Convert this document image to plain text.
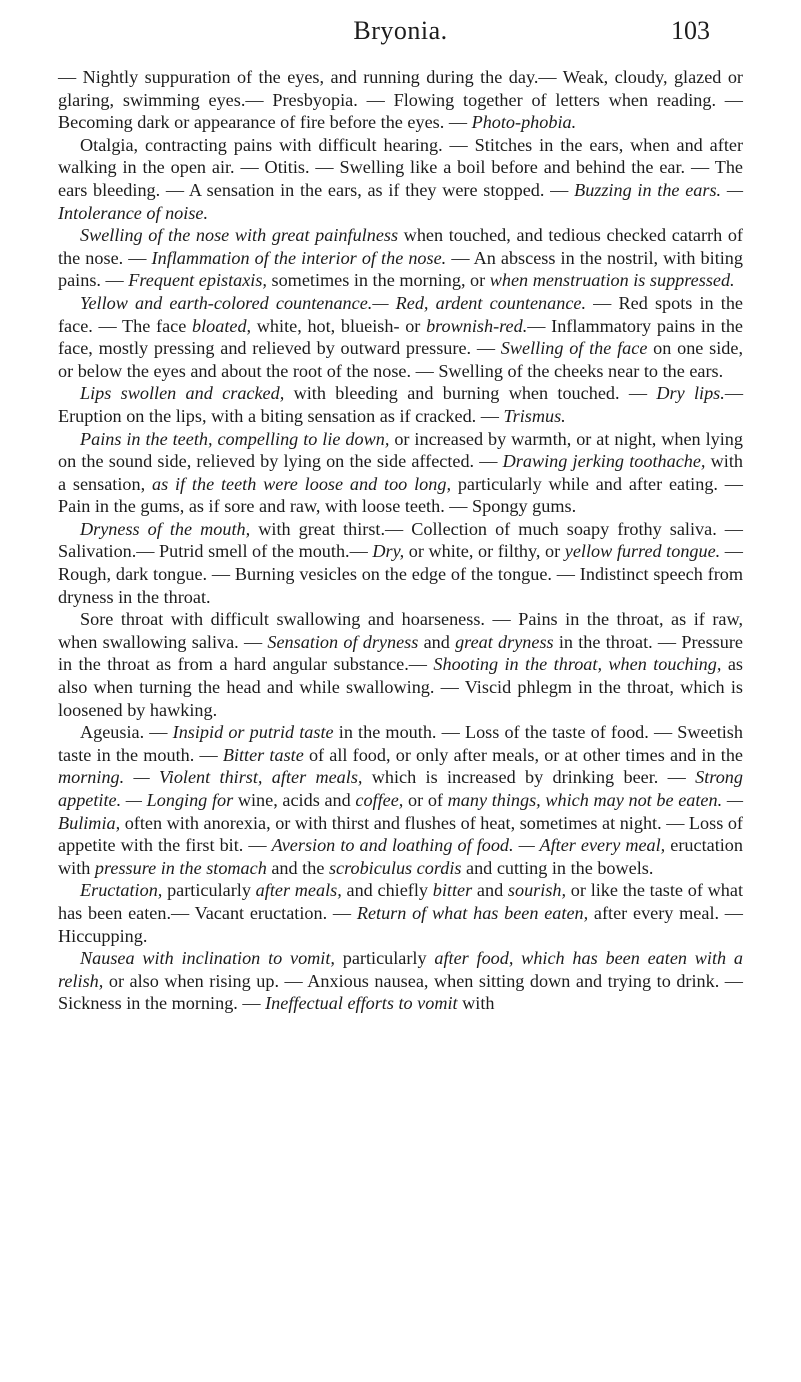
Bryonia.	103

— Nightly suppuration of the eyes, and running during the day.— Weak, cloudy, glazed or glaring, swimming eyes.— Presbyopia. — Flowing together of letters when reading. — Becoming dark or appearance of fire before the eyes. — Photo-phobia.

Otalgia, contracting pains with difficult hearing. — Stitches in the ears, when and after walking in the open air. — Otitis. — Swelling like a boil before and behind the ear. — The ears bleeding. — A sensation in the ears, as if they were stopped. — Buzzing in the ears. — Intolerance of noise.

Swelling of the nose with great painfulness when touched, and tedious checked catarrh of the nose. — Inflammation of the interior of the nose. — An abscess in the nostril, with biting pains. — Frequent epistaxis, sometimes in the morning, or when menstruation is suppressed.

Yellow and earth-colored countenance.— Red, ardent countenance. — Red spots in the face. — The face bloated, white, hot, blueish- or brownish-red.— Inflammatory pains in the face, mostly pressing and relieved by outward pressure. — Swelling of the face on one side, or below the eyes and about the root of the nose. — Swelling of the cheeks near to the ears.

Lips swollen and cracked, with bleeding and burning when touched. — Dry lips.— Eruption on the lips, with a biting sensation as if cracked. — Trismus.

Pains in the teeth, compelling to lie down, or increased by warmth, or at night, when lying on the sound side, relieved by lying on the side affected. — Drawing jerking toothache, with a sensation, as if the teeth were loose and too long, particularly while and after eating. — Pain in the gums, as if sore and raw, with loose teeth. — Spongy gums.

Dryness of the mouth, with great thirst.— Collection of much soapy frothy saliva. — Salivation.— Putrid smell of the mouth.— Dry, or white, or filthy, or yellow furred tongue. — Rough, dark tongue. — Burning vesicles on the edge of the tongue. — Indistinct speech from dryness in the throat.

Sore throat with difficult swallowing and hoarseness. — Pains in the throat, as if raw, when swallowing saliva. — Sensation of dryness and great dryness in the throat. — Pressure in the throat as from a hard angular substance.— Shooting in the throat, when touching, as also when turning the head and while swallowing. — Viscid phlegm in the throat, which is loosened by hawking.

Ageusia. — Insipid or putrid taste in the mouth. — Loss of the taste of food. — Sweetish taste in the mouth. — Bitter taste of all food, or only after meals, or at other times and in the morning. — Violent thirst, after meals, which is increased by drinking beer. — Strong appetite. — Longing for wine, acids and coffee, or of many things, which may not be eaten. — Bulimia, often with anorexia, or with thirst and flushes of heat, sometimes at night. — Loss of appetite with the first bit. — Aversion to and loathing of food. — After every meal, eructation with pressure in the stomach and the scrobiculus cordis and cutting in the bowels.

Eructation, particularly after meals, and chiefly bitter and sourish, or like the taste of what has been eaten.— Vacant eructation. — Return of what has been eaten, after every meal. — Hiccupping.

Nausea with inclination to vomit, particularly after food, which has been eaten with a relish, or also when rising up. — Anxious nausea, when sitting down and trying to drink. — Sickness in the morning. — Ineffectual efforts to vomit with
